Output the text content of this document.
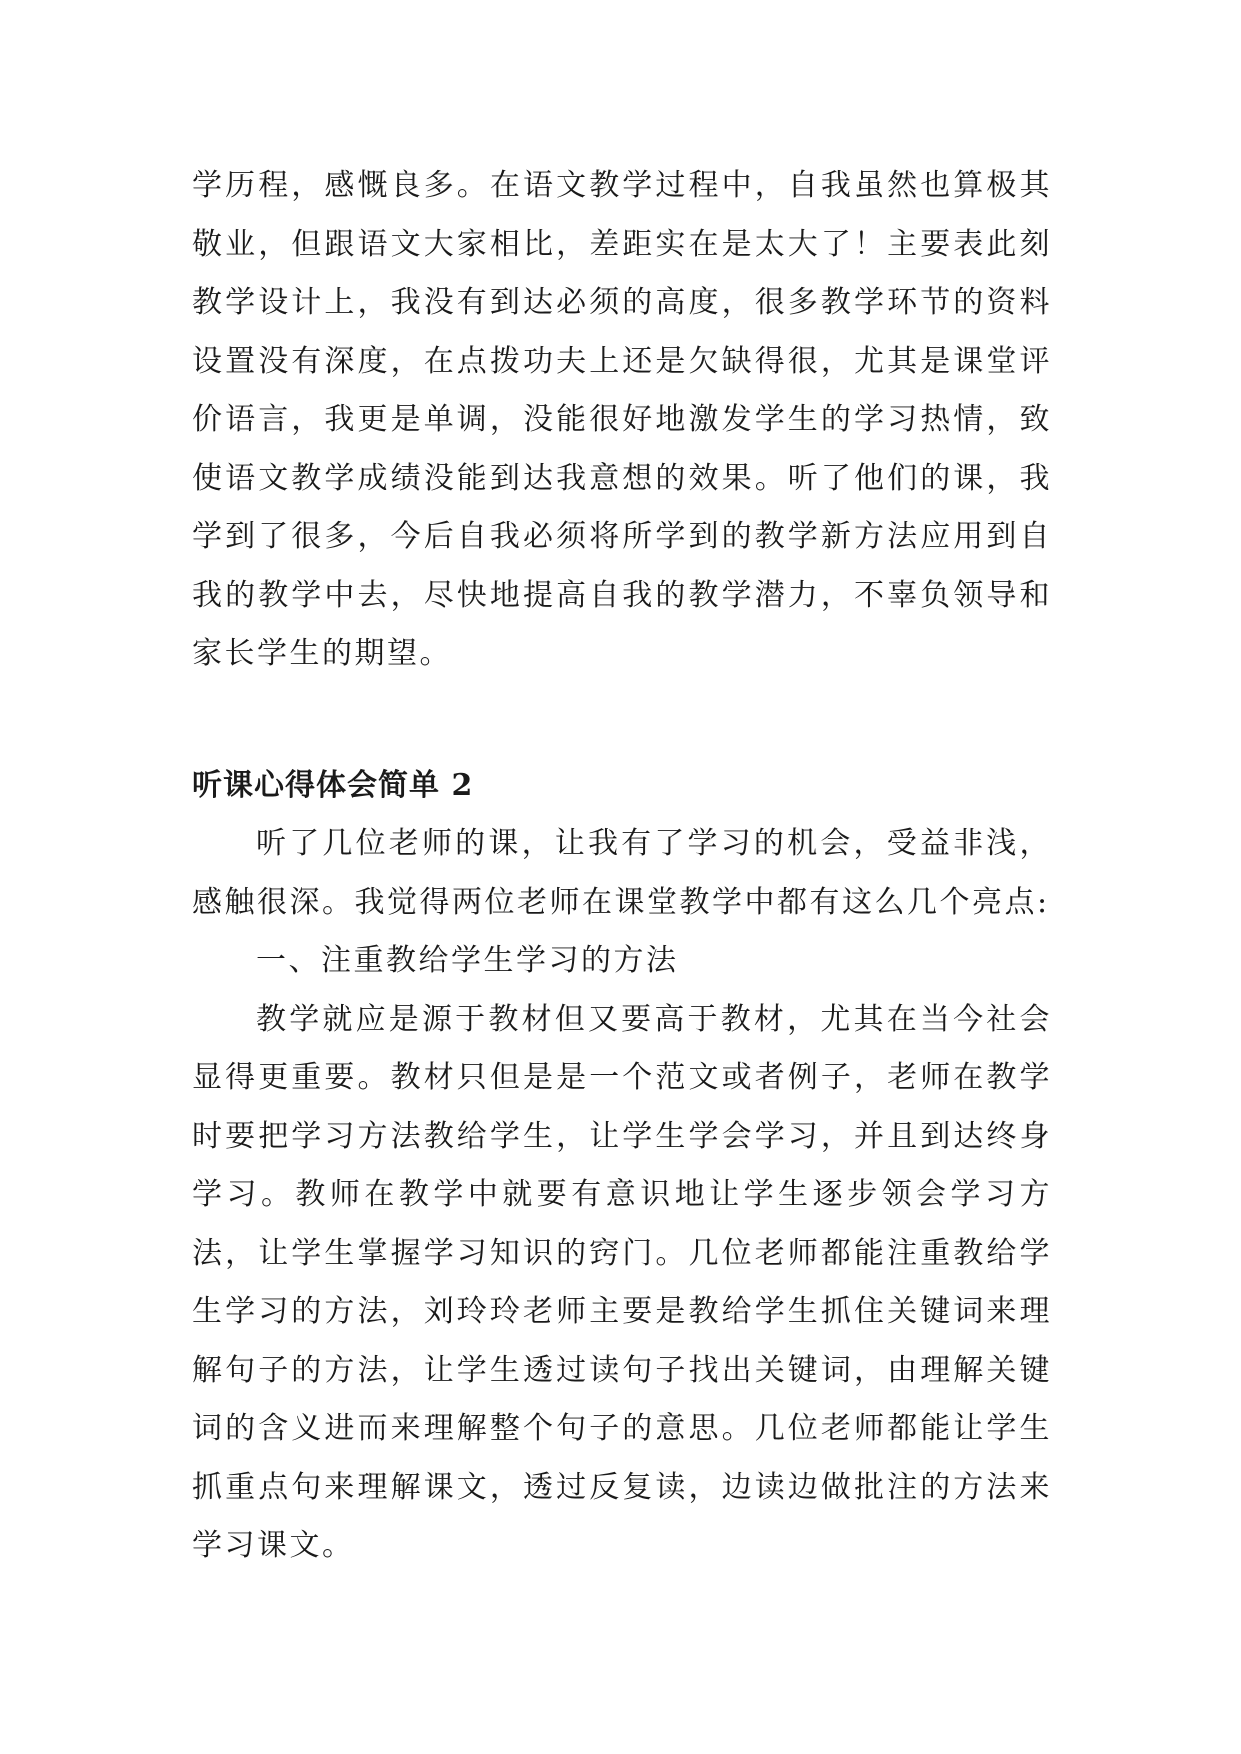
学历程，感慨良多。在语文教学过程中，自我虽然也算极其敬业，但跟语文大家相比，差距实在是太大了！主要表此刻教学设计上，我没有到达必须的高度，很多教学环节的资料设置没有深度，在点拨功夫上还是欠缺得很，尤其是课堂评价语言，我更是单调，没能很好地激发学生的学习热情，致使语文教学成绩没能到达我意想的效果。听了他们的课，我学到了很多，今后自我必须将所学到的教学新方法应用到自我的教学中去，尽快地提高自我的教学潜力，不辜负领导和家长学生的期望。

听课心得体会简单 2

听了几位老师的课，让我有了学习的机会，受益非浅，感触很深。我觉得两位老师在课堂教学中都有这么几个亮点:

一、注重教给学生学习的方法

教学就应是源于教材但又要高于教材，尤其在当今社会显得更重要。教材只但是是一个范文或者例子，老师在教学时要把学习方法教给学生，让学生学会学习，并且到达终身学习。教师在教学中就要有意识地让学生逐步领会学习方法，让学生掌握学习知识的窍门。几位老师都能注重教给学生学习的方法，刘玲玲老师主要是教给学生抓住关键词来理解句子的方法，让学生透过读句子找出关键词，由理解关键词的含义进而来理解整个句子的意思。几位老师都能让学生抓重点句来理解课文，透过反复读，边读边做批注的方法来学习课文。
